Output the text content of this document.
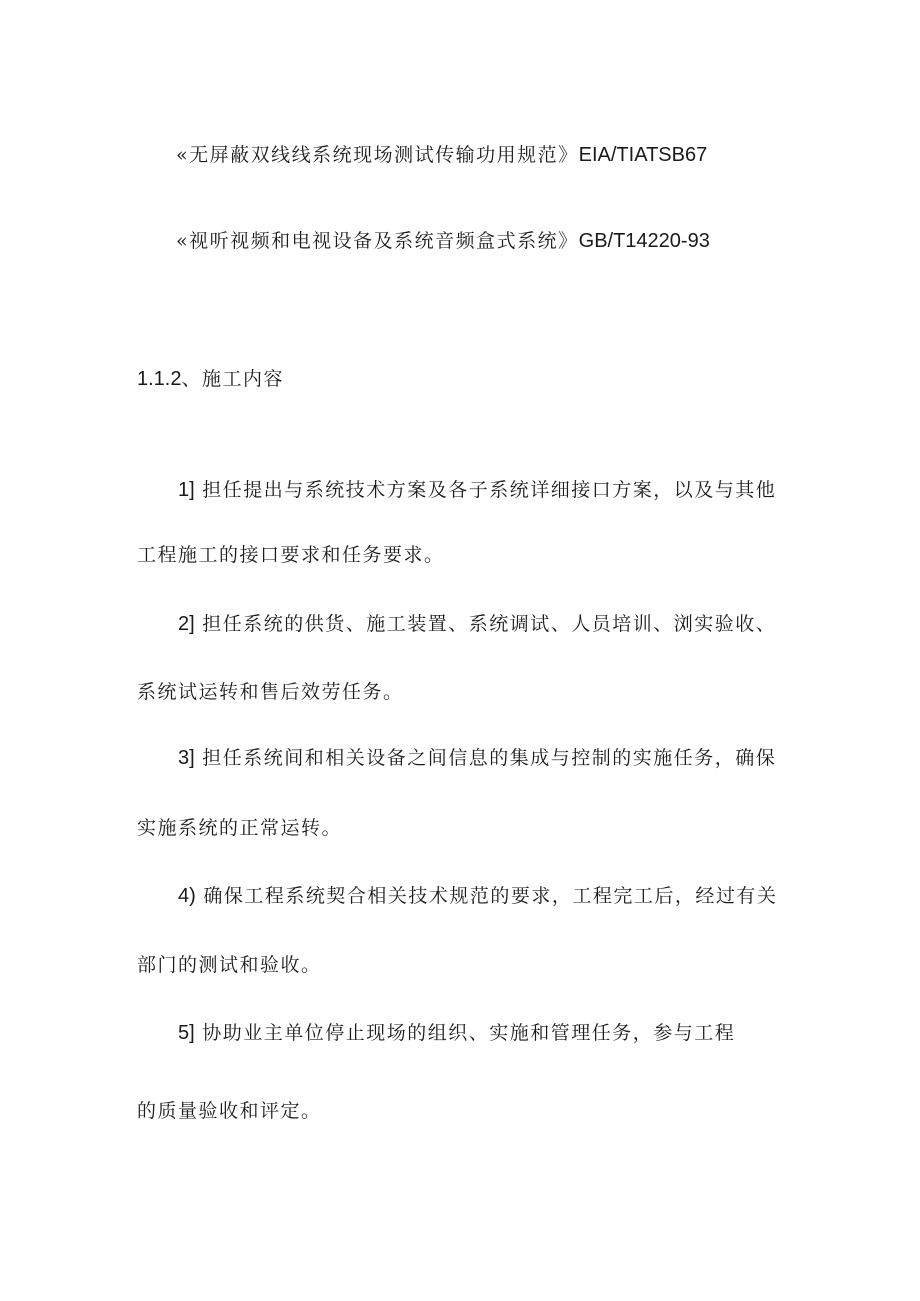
«无屏蔽双线线系统现场测试传输功用规范》EIA/TIATSB67
«视听视频和电视设备及系统音频盒式系统》GB/T14220-93
1.1.2、施工内容
1] 担任提出与系统技术方案及各子系统详细接口方案，以及与其他
工程施工的接口要求和任务要求。
2] 担任系统的供货、施工装置、系统调试、人员培训、浏实验收、
系统试运转和售后效劳任务。
3] 担任系统间和相关设备之间信息的集成与控制的实施任务，确保
实施系统的正常运转。
4) 确保工程系统契合相关技术规范的要求，工程完工后，经过有关
部门的测试和验收。
5] 协助业主单位停止现场的组织、实施和管理任务，参与工程
的质量验收和评定。
